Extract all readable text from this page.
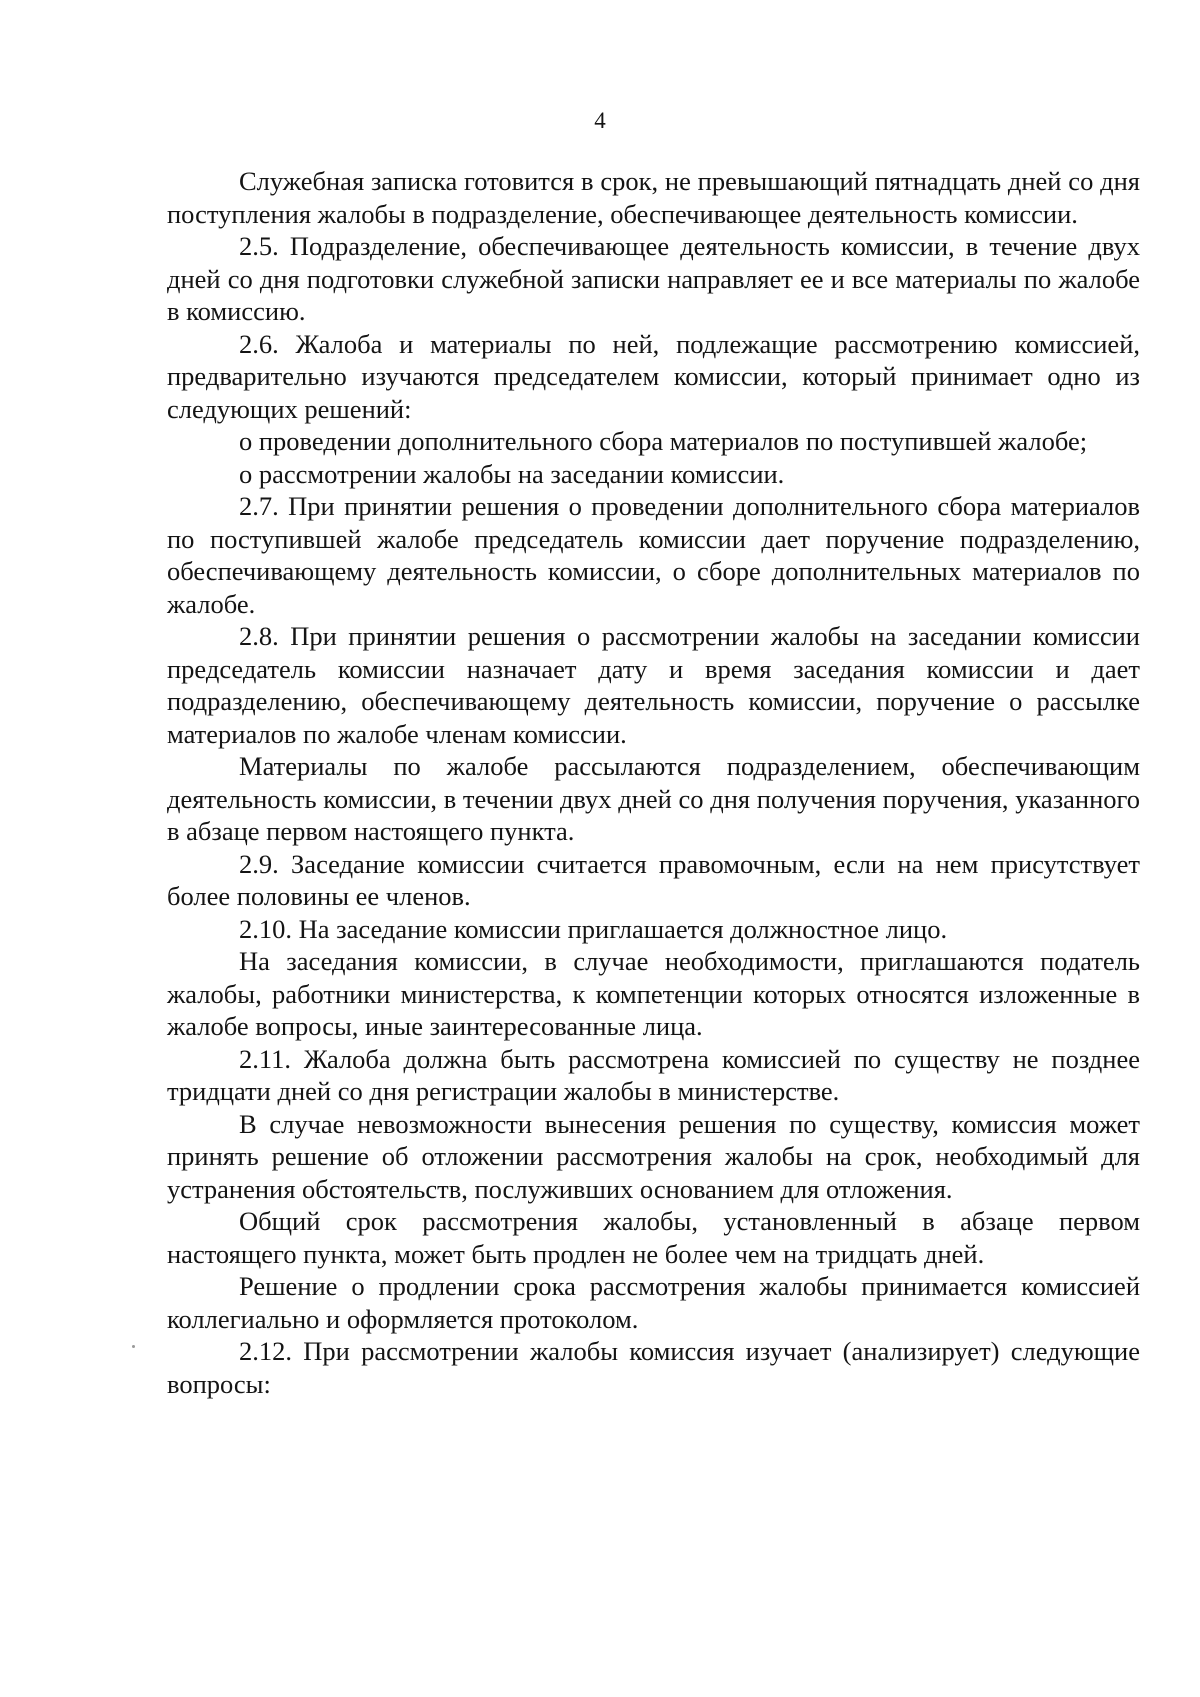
4

Служебная записка готовится в срок, не превышающий пятнадцать дней со дня поступления жалобы в подразделение, обеспечивающее деятельность комиссии.

2.5. Подразделение, обеспечивающее деятельность комиссии, в течение двух дней со дня подготовки служебной записки направляет ее и все материалы по жалобе в комиссию.

2.6. Жалоба и материалы по ней, подлежащие рассмотрению комиссией, предварительно изучаются председателем комиссии, который принимает одно из следующих решений:

о проведении дополнительного сбора материалов по поступившей жалобе;

о рассмотрении жалобы на заседании комиссии.

2.7. При принятии решения о проведении дополнительного сбора материалов по поступившей жалобе председатель комиссии дает поручение подразделению, обеспечивающему деятельность комиссии, о сборе дополнительных материалов по жалобе.

2.8. При принятии решения о рассмотрении жалобы на заседании комиссии председатель комиссии назначает дату и время заседания комиссии и дает подразделению, обеспечивающему деятельность комиссии, поручение о рассылке материалов по жалобе членам комиссии.

Материалы по жалобе рассылаются подразделением, обеспечивающим деятельность комиссии, в течении двух дней со дня получения поручения, указанного в абзаце первом настоящего пункта.

2.9. Заседание комиссии считается правомочным, если на нем присутствует более половины ее членов.

2.10. На заседание комиссии приглашается должностное лицо.

На заседания комиссии, в случае необходимости, приглашаются податель жалобы, работники министерства, к компетенции которых относятся изложенные в жалобе вопросы, иные заинтересованные лица.

2.11. Жалоба должна быть рассмотрена комиссией по существу не позднее тридцати дней со дня регистрации жалобы в министерстве.

В случае невозможности вынесения решения по существу, комиссия может принять решение об отложении рассмотрения жалобы на срок, необходимый для устранения обстоятельств, послуживших основанием для отложения.

Общий срок рассмотрения жалобы, установленный в абзаце первом настоящего пункта, может быть продлен не более чем на тридцать дней.

Решение о продлении срока рассмотрения жалобы принимается комиссией коллегиально и оформляется протоколом.

2.12. При рассмотрении жалобы комиссия изучает (анализирует) следующие вопросы:
